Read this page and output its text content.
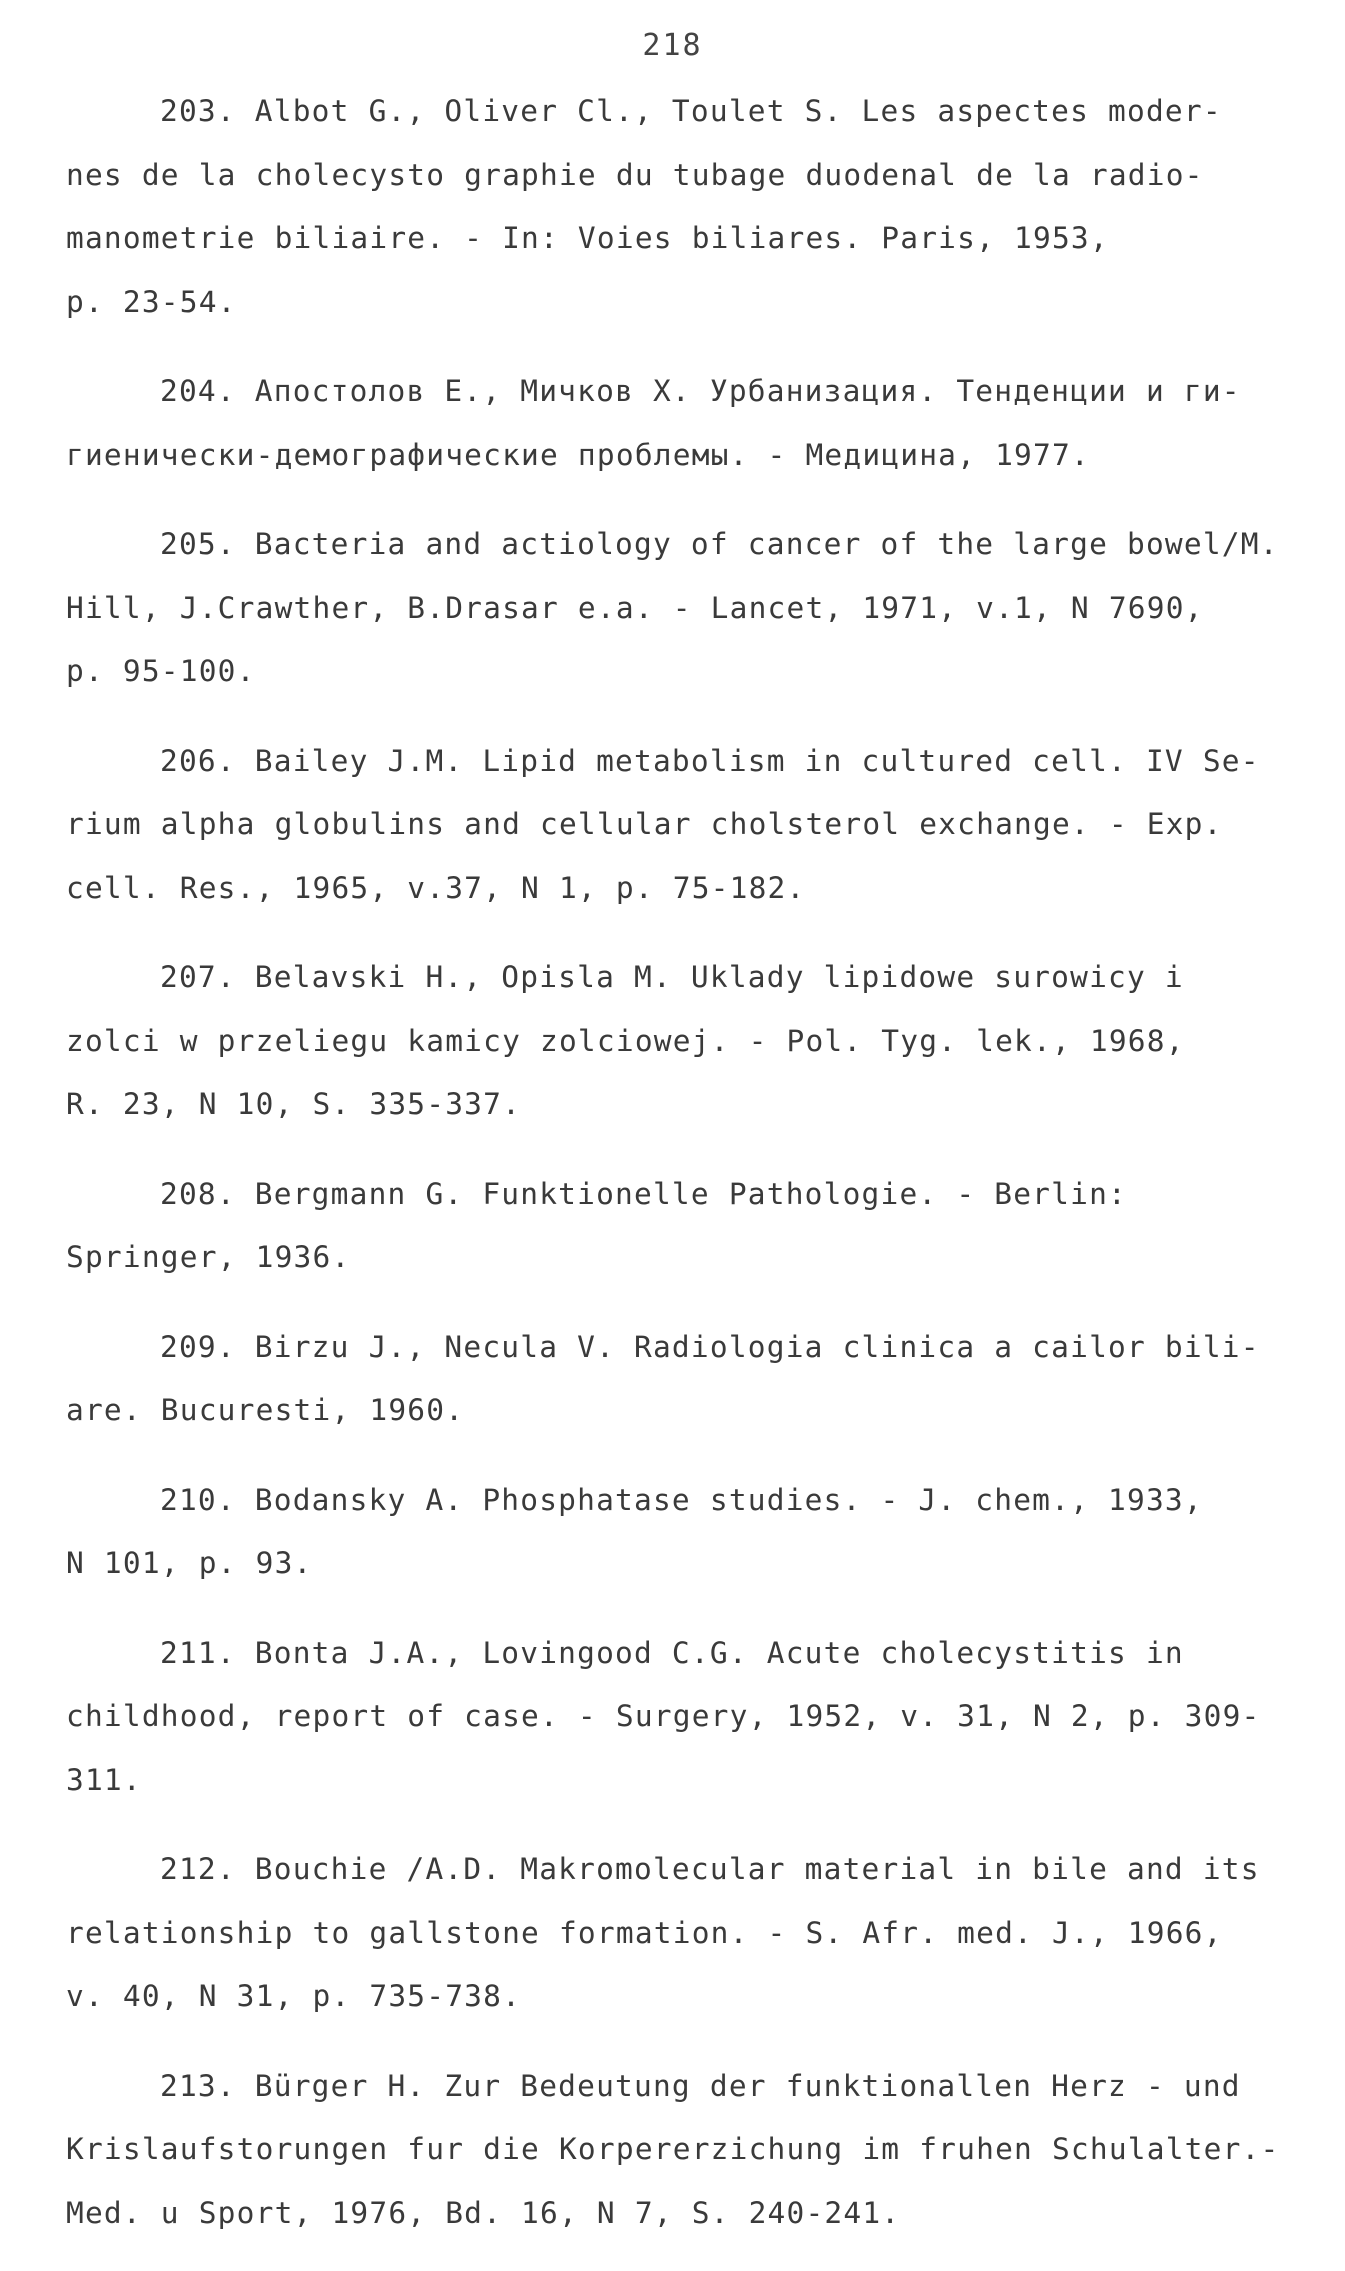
218
203. Albot G., Oliver Cl., Toulet S. Les aspectes moder-
nes de la cholecysto graphie du tubage duodenal de la radio-
manometrie biliaire. - In: Voies biliares. Paris, 1953,
p. 23-54.
204. Апостолов Е., Мичков Х. Урбанизация. Тенденции и ги-
гиенически-демографические проблемы. - Медицина, 1977.
205. Bacteria and actiology of cancer of the large bowel/M.
Hill, J.Crawther, B.Drasar e.a. - Lancet, 1971, v.1, N 7690,
p. 95-100.
206. Bailey J.M. Lipid metabolism in cultured cell. IV Se-
rium alpha globulins and cellular cholsterol exchange. - Exp.
cell. Res., 1965, v.37, N 1, p. 75-182.
207. Belavski H., Opisla M. Uklady lipidowe surowicy i
zolci w przeliegu kamicy zolciowej. - Pol. Tyg. lek., 1968,
R. 23, N 10, S. 335-337.
208. Bergmann G. Funktionelle Pathologie. - Berlin:
Springer, 1936.
209. Birzu J., Necula V. Radiologia clinica a cailor bili-
are. Bucuresti, 1960.
210. Bodansky A. Phosphatase studies. - J. chem., 1933,
N 101, p. 93.
211. Bonta J.A., Lovingood C.G. Acute cholecystitis in
childhood, report of case. - Surgery, 1952, v. 31, N 2, p. 309-
311.
212. Bouchie /A.D. Makromolecular material in bile and its
relationship to gallstone formation. - S. Afr. med. J., 1966,
v. 40, N 31, p. 735-738.
213. Bürger H. Zur Bedeutung der funktionallen Herz - und
Krislaufstorungen fur die Korpererzichung im fruhen Schulalter.-
Med. u Sport, 1976, Bd. 16, N 7, S. 240-241.
